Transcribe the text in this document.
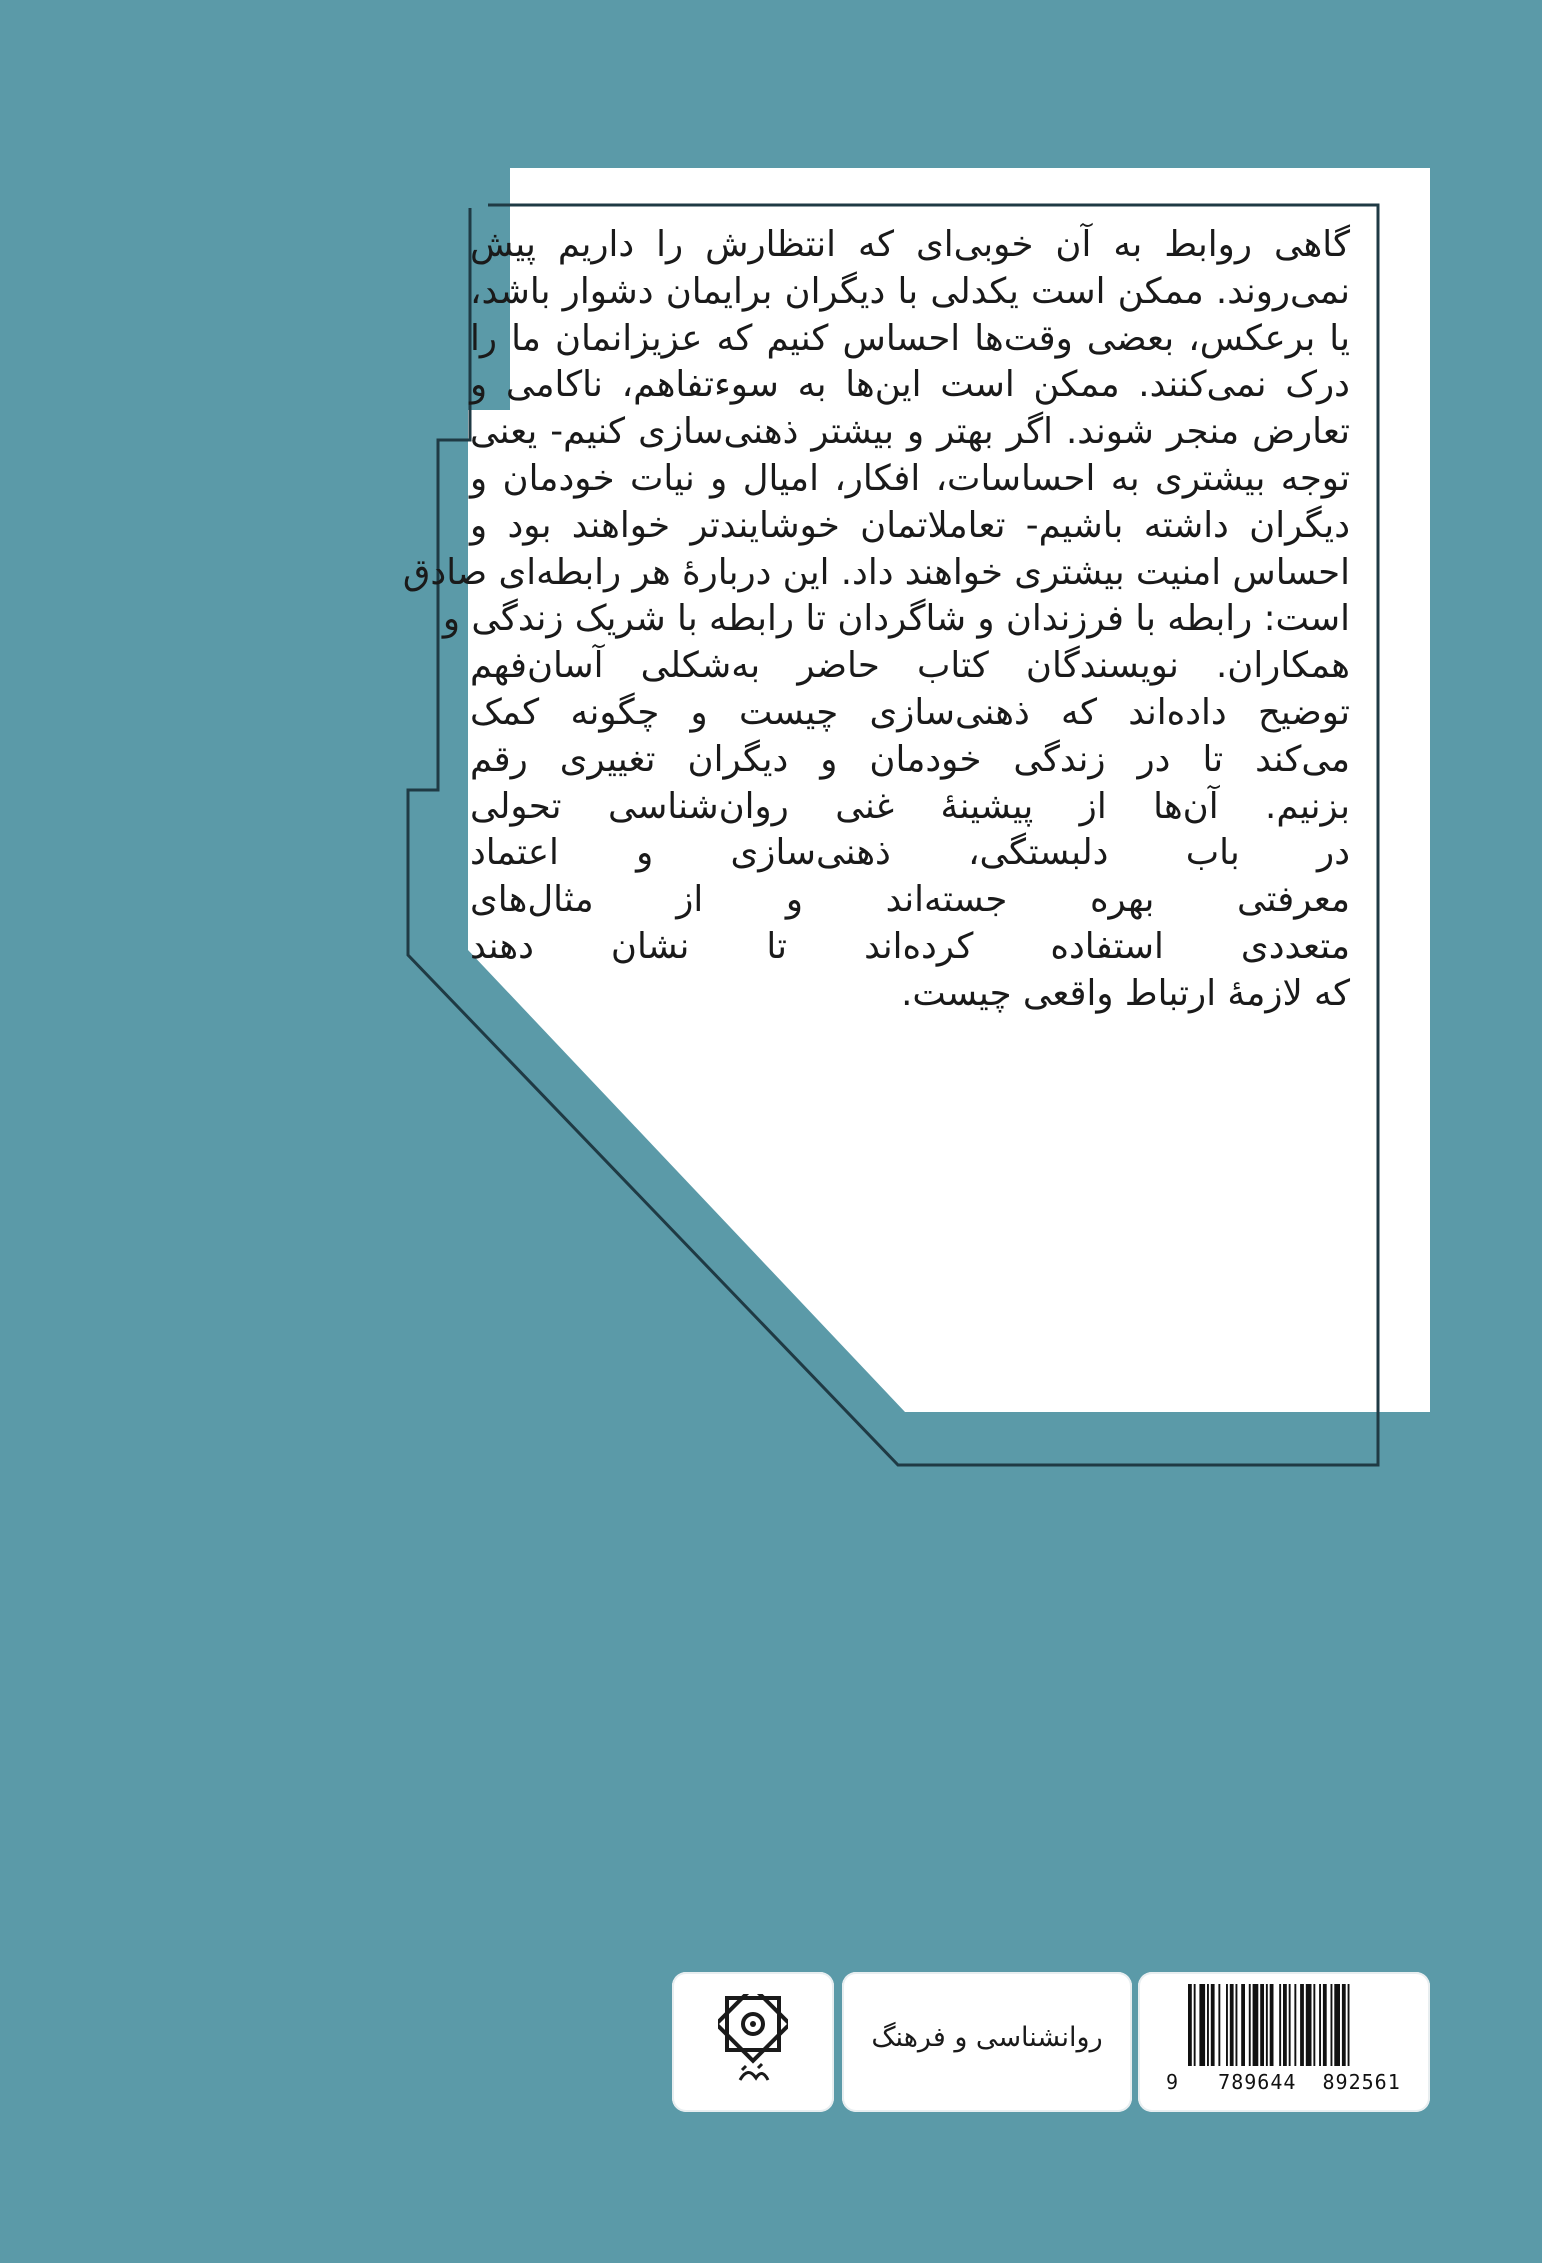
گاهی روابط به آن خوبی‌ای که انتظارش را داریم پیش
نمی‌روند. ممکن است یکدلی با دیگران برایمان دشوار باشد،
یا برعکس، بعضی وقت‌ها احساس کنیم که عزیزانمان ما را
درک نمی‌کنند. ممکن است این‌ها به سوء‌تفاهم، ناکامی و
تعارض منجر شوند. اگر بهتر و بیشتر ذهنی‌سازی کنیم- یعنی
توجه بیشتری به احساسات، افکار، امیال و نیات خودمان و
دیگران داشته باشیم- تعاملاتمان خوشایندتر خواهند بود و
احساس امنیت بیشتری خواهند داد. این دربارهٔ هر رابطه‌ای صادق
است: رابطه با فرزندان و شاگردان تا رابطه با شریک زندگی و
همکاران. نویسندگان کتاب حاضر به‌شکلی آسان‌فهم
توضیح داده‌اند که ذهنی‌سازی چیست و چگونه کمک
می‌کند تا در زندگی خودمان و دیگران تغییری رقم
بزنیم. آن‌ها از پیشینهٔ غنی روان‌شناسی تحولی
در باب دلبستگی، ذهنی‌سازی و اعتماد
معرفتی بهره جسته‌اند و از مثال‌های
متعددی استفاده کرده‌اند تا نشان دهند
که لازمهٔ ارتباط واقعی چیست.
روانشناسی و فرهنگ
9 789644 892561
